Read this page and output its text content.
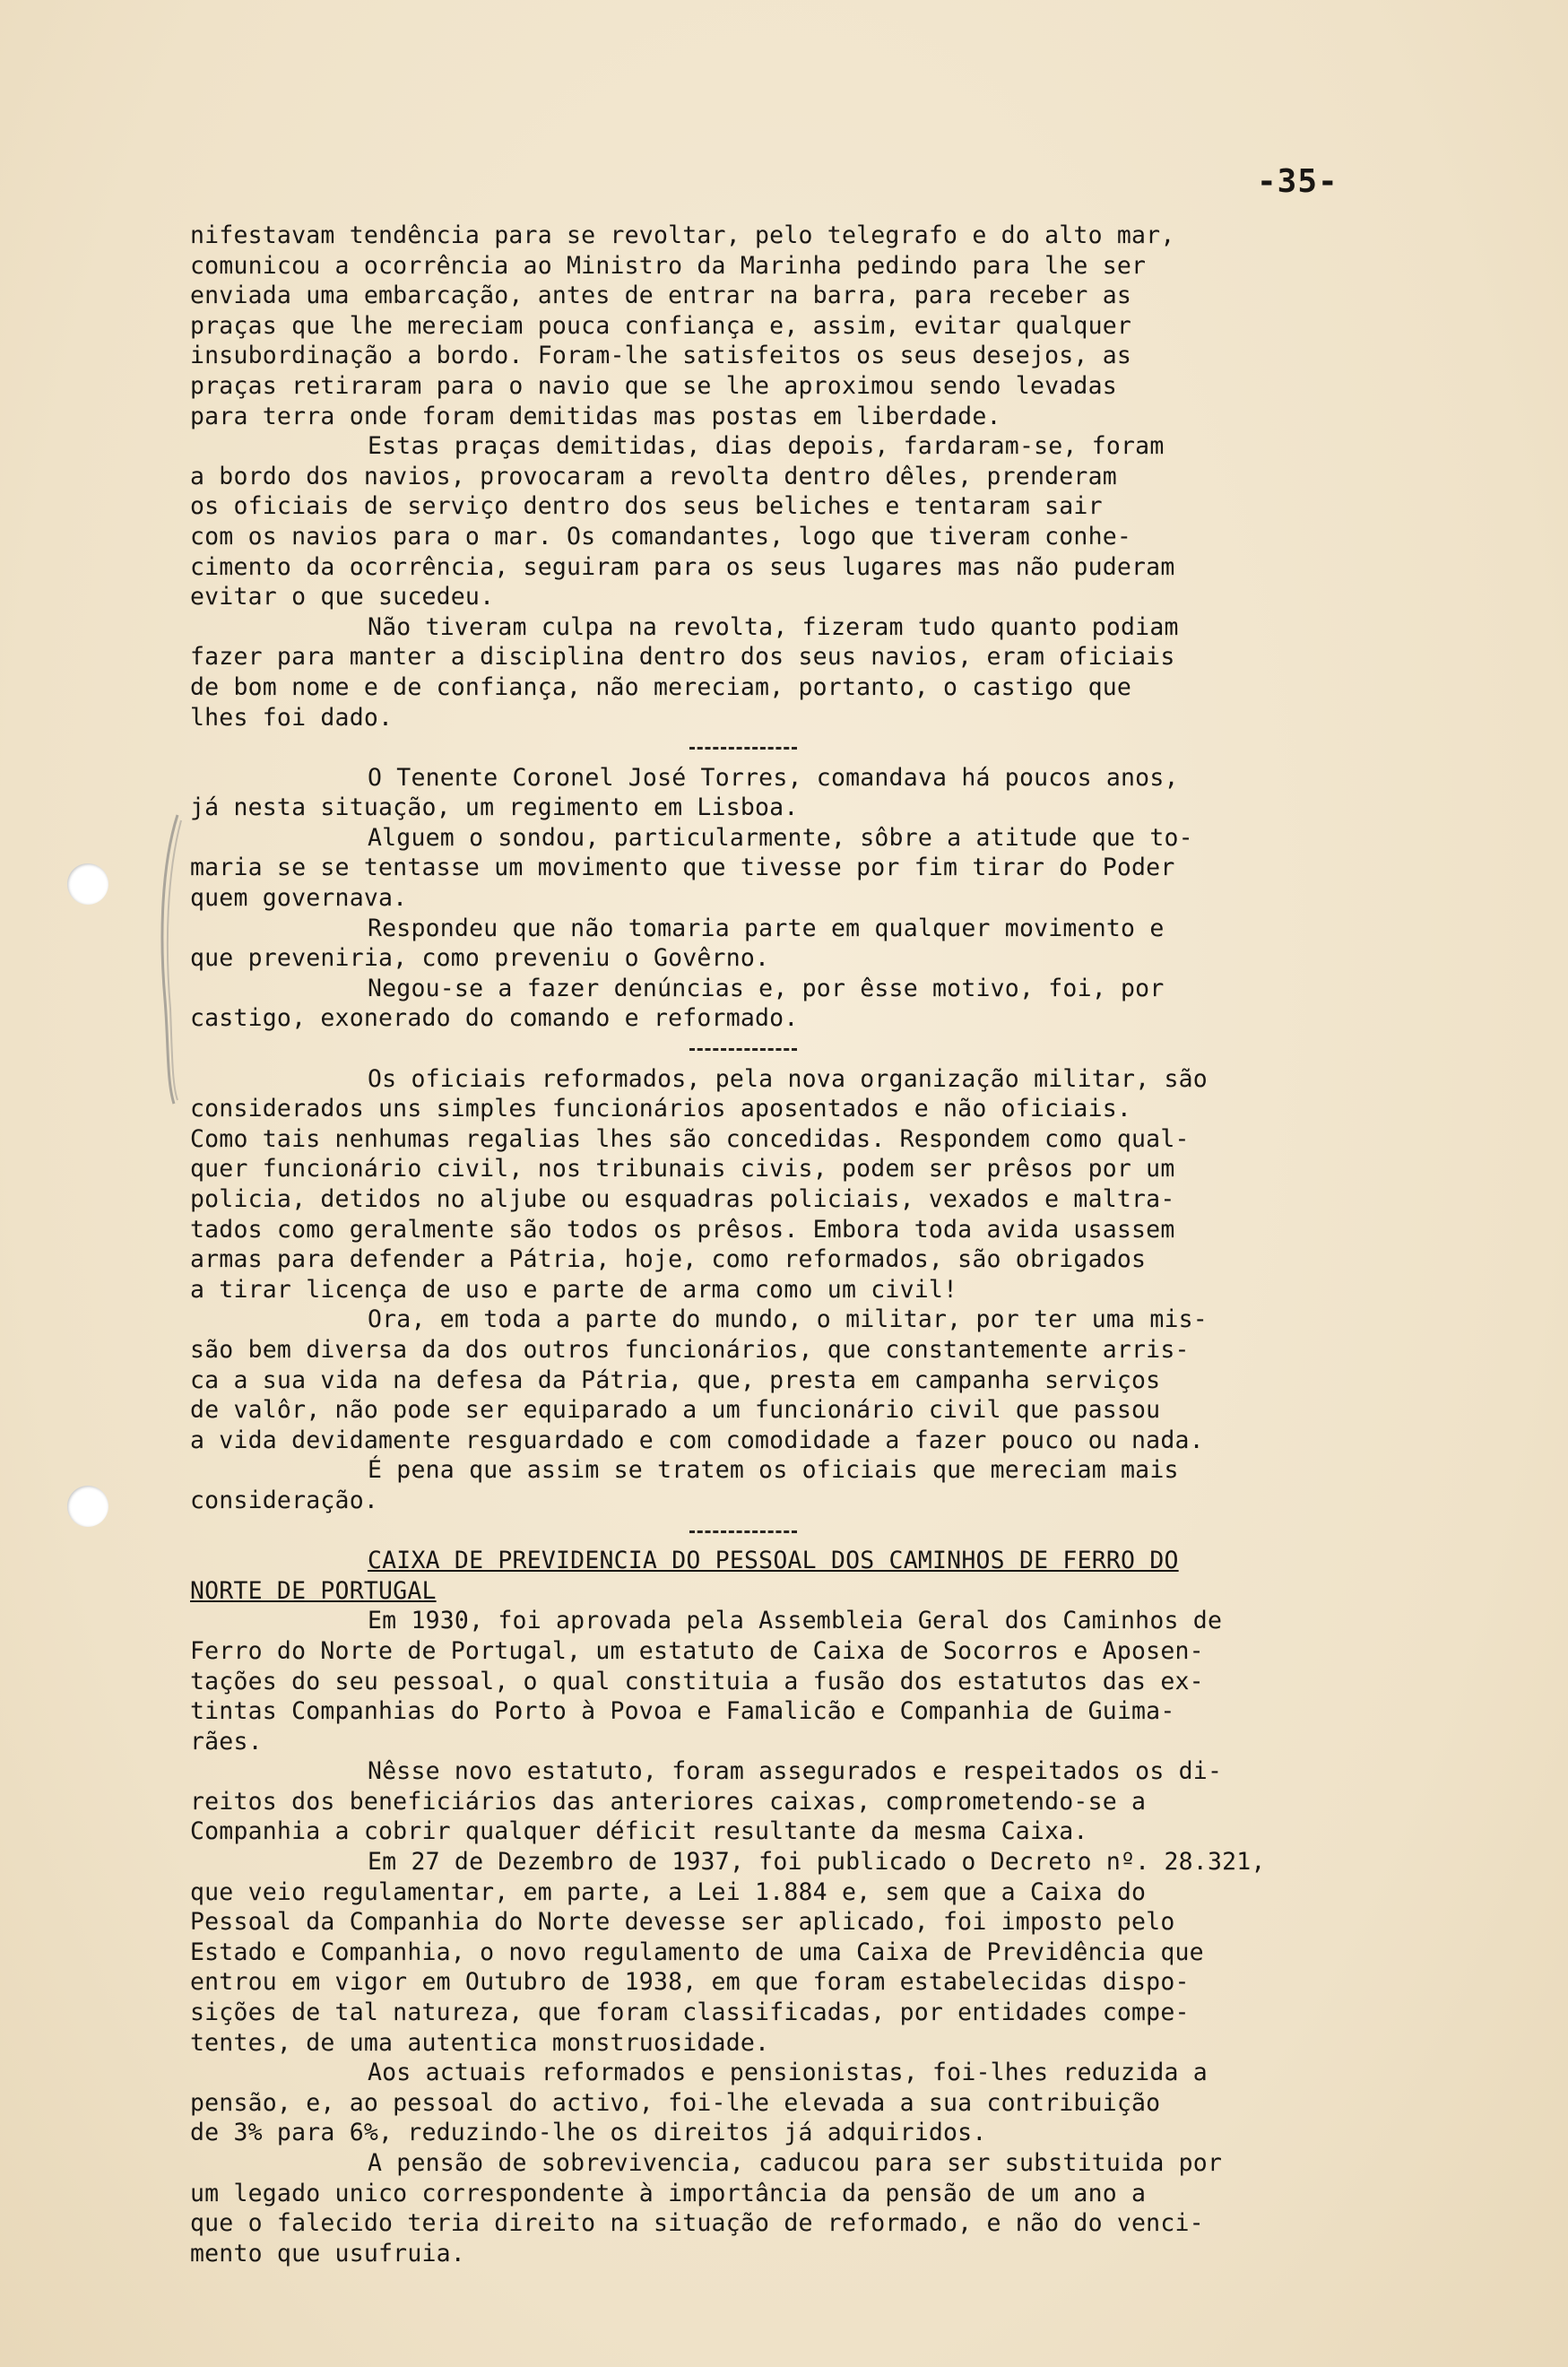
-35-
nifestavam tendência para se revoltar, pelo telegrafo e do alto mar,
comunicou a ocorrência ao Ministro da Marinha pedindo para lhe ser
enviada uma embarcação, antes de entrar na barra, para receber as
praças que lhe mereciam pouca confiança e, assim, evitar qualquer
insubordinação a bordo. Foram-lhe satisfeitos os seus desejos, as
praças retiraram para o navio que se lhe aproximou sendo levadas
para terra onde foram demitidas mas postas em liberdade.
Estas praças demitidas, dias depois, fardaram-se, foram
a bordo dos navios, provocaram a revolta dentro dêles, prenderam
os oficiais de serviço dentro dos seus beliches e tentaram sair
com os navios para o mar. Os comandantes, logo que tiveram conhe-
cimento da ocorrência, seguiram para os seus lugares mas não puderam
evitar o que sucedeu.
Não tiveram culpa na revolta, fizeram tudo quanto podiam
fazer para manter a disciplina dentro dos seus navios, eram oficiais
de bom nome e de confiança, não mereciam, portanto, o castigo que
lhes foi dado.
O Tenente Coronel José Torres, comandava há poucos anos,
já nesta situação, um regimento em Lisboa.
Alguem o sondou, particularmente, sôbre a atitude que to-
maria se se tentasse um movimento que tivesse por fim tirar do Poder
quem governava.
Respondeu que não tomaria parte em qualquer movimento e
que preveniria, como preveniu o Govêrno.
Negou-se a fazer denúncias e, por êsse motivo, foi, por
castigo, exonerado do comando e reformado.
Os oficiais reformados, pela nova organização militar, são
considerados uns simples funcionários aposentados e não oficiais.
Como tais nenhumas regalias lhes são concedidas. Respondem como qual-
quer funcionário civil, nos tribunais civis, podem ser prêsos por um
policia, detidos no aljube ou esquadras policiais, vexados e maltra-
tados como geralmente são todos os prêsos. Embora toda avida usassem
armas para defender a Pátria, hoje, como reformados, são obrigados
a tirar licença de uso e parte de arma como um civil!
Ora, em toda a parte do mundo, o militar, por ter uma mis-
são bem diversa da dos outros funcionários, que constantemente arris-
ca a sua vida na defesa da Pátria, que, presta em campanha serviços
de valôr, não pode ser equiparado a um funcionário civil que passou
a vida devidamente resguardado e com comodidade a fazer pouco ou nada.
É pena que assim se tratem os oficiais que mereciam mais
consideração.
CAIXA DE PREVIDENCIA DO PESSOAL DOS CAMINHOS DE FERRO DO
NORTE DE PORTUGAL
Em 1930, foi aprovada pela Assembleia Geral dos Caminhos de
Ferro do Norte de Portugal, um estatuto de Caixa de Socorros e Aposen-
tações do seu pessoal, o qual constituia a fusão dos estatutos das ex-
tintas Companhias do Porto à Povoa e Famalicão e Companhia de Guima-
rães.
Nêsse novo estatuto, foram assegurados e respeitados os di-
reitos dos beneficiários das anteriores caixas, comprometendo-se a
Companhia a cobrir qualquer déficit resultante da mesma Caixa.
Em 27 de Dezembro de 1937, foi publicado o Decreto nº. 28.321,
que veio regulamentar, em parte, a Lei 1.884 e, sem que a Caixa do
Pessoal da Companhia do Norte devesse ser aplicado, foi imposto pelo
Estado e Companhia, o novo regulamento de uma Caixa de Previdência que
entrou em vigor em Outubro de 1938, em que foram estabelecidas dispo-
sições de tal natureza, que foram classificadas, por entidades compe-
tentes, de uma autentica monstruosidade.
Aos actuais reformados e pensionistas, foi-lhes reduzida a
pensão, e, ao pessoal do activo, foi-lhe elevada a sua contribuição
de 3% para 6%, reduzindo-lhe os direitos já adquiridos.
A pensão de sobrevivencia, caducou para ser substituida por
um legado unico correspondente à importância da pensão de um ano a
que o falecido teria direito na situação de reformado, e não do venci-
mento que usufruia.
